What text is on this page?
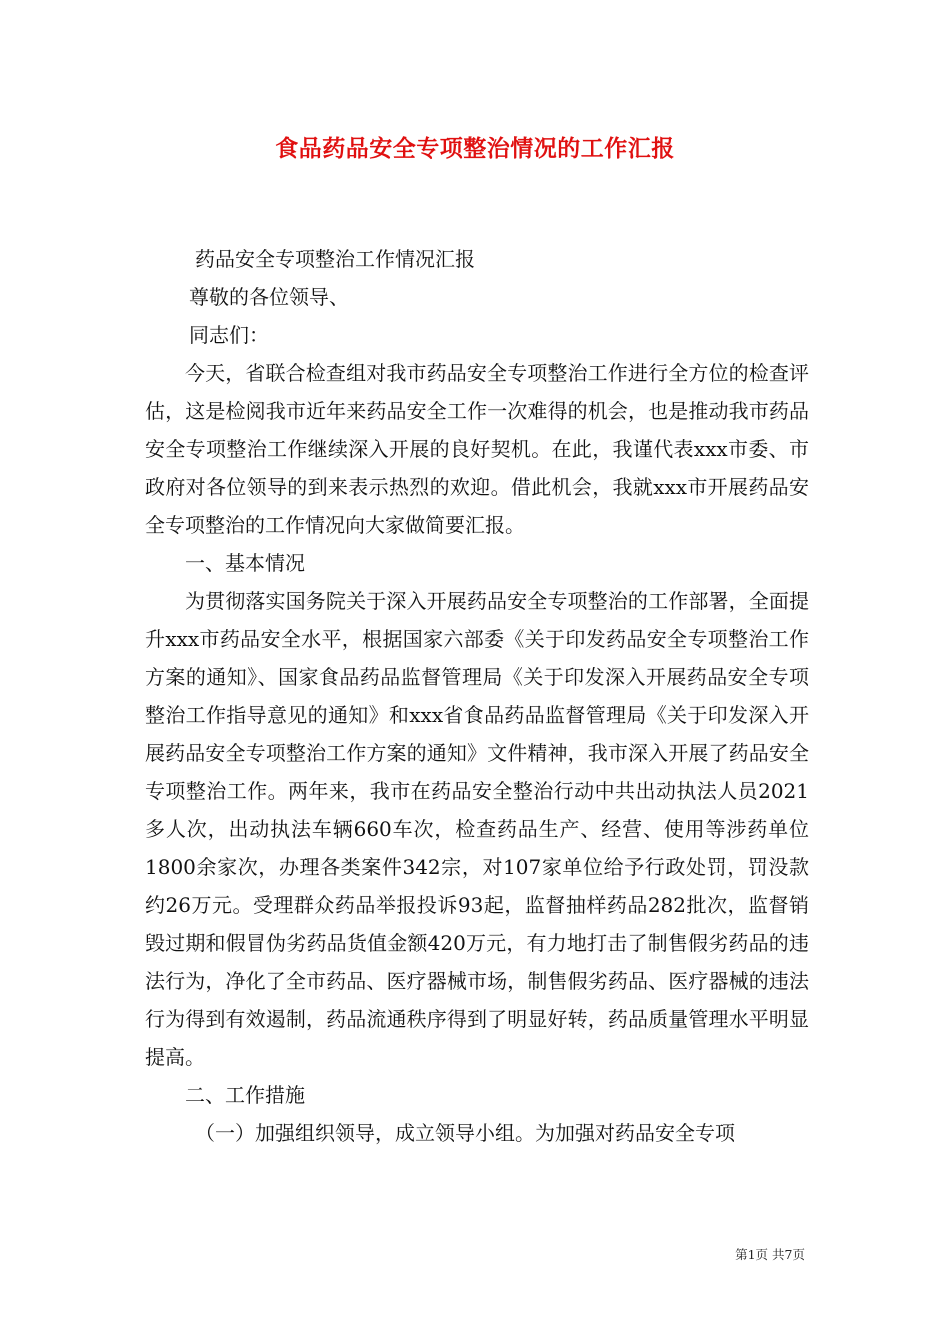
食品药品安全专项整治情况的工作汇报

药品安全专项整治工作情况汇报

尊敬的各位领导、

同志们：

今天，省联合检查组对我市药品安全专项整治工作进行全方位的检查评估，这是检阅我市近年来药品安全工作一次难得的机会，也是推动我市药品安全专项整治工作继续深入开展的良好契机。在此，我谨代表xxx市委、市政府对各位领导的到来表示热烈的欢迎。借此机会，我就xxx市开展药品安全专项整治的工作情况向大家做简要汇报。

一、基本情况

为贯彻落实国务院关于深入开展药品安全专项整治的工作部署，全面提升xxx市药品安全水平，根据国家六部委《关于印发药品安全专项整治工作方案的通知》、国家食品药品监督管理局《关于印发深入开展药品安全专项整治工作指导意见的通知》和xxx省食品药品监督管理局《关于印发深入开展药品安全专项整治工作方案的通知》文件精神，我市深入开展了药品安全专项整治工作。两年来，我市在药品安全整治行动中共出动执法人员2021多人次，出动执法车辆660车次，检查药品生产、经营、使用等涉药单位1800余家次，办理各类案件342宗，对107家单位给予行政处罚，罚没款约26万元。受理群众药品举报投诉93起，监督抽样药品282批次，监督销毁过期和假冒伪劣药品货值金额420万元，有力地打击了制售假劣药品的违法行为，净化了全市药品、医疗器械市场，制售假劣药品、医疗器械的违法行为得到有效遏制，药品流通秩序得到了明显好转，药品质量管理水平明显提高。

二、工作措施

（一）加强组织领导，成立领导小组。为加强对药品安全专项

第1页 共7页
